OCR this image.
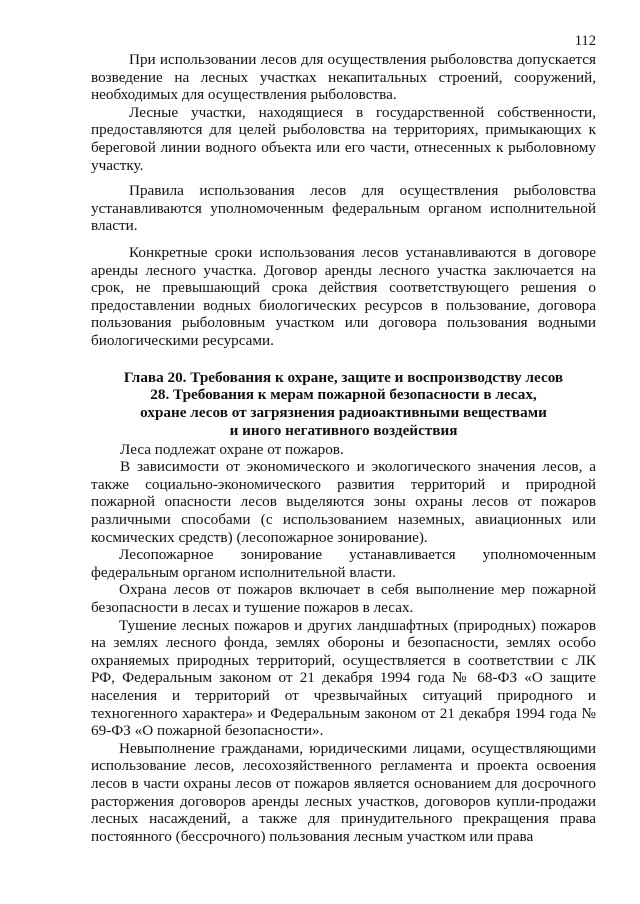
112

При использовании лесов для осуществления рыболовства допускается возведение на лесных участках некапитальных строений, сооружений, необходимых для осуществления рыболовства.

Лесные участки, находящиеся в государственной собственности, предоставляются для целей рыболовства на территориях, примыкающих к береговой линии водного объекта или его части, отнесенных к рыболовному участку.

Правила использования лесов для осуществления рыболовства устанавливаются уполномоченным федеральным органом исполнительной власти.

Конкретные сроки использования лесов устанавливаются в договоре аренды лесного участка. Договор аренды лесного участка заключается на срок, не превышающий срока действия соответствующего решения о предоставлении водных биологических ресурсов в пользование, договора пользования рыболовным участком или договора пользования водными биологическими ресурсами.

Глава 20. Требования к охране, защите и воспроизводству лесов
28. Требования к мерам пожарной безопасности в лесах,
охране лесов от загрязнения радиоактивными веществами
и иного негативного воздействия

Леса подлежат охране от пожаров.

В зависимости от экономического и экологического значения лесов, а также социально-экономического развития территорий и природной пожарной опасности лесов выделяются зоны охраны лесов от пожаров различными способами (с использованием наземных, авиационных или космических средств) (лесопожарное зонирование).

Лесопожарное зонирование устанавливается уполномоченным федеральным органом исполнительной власти.

Охрана лесов от пожаров включает в себя выполнение мер пожарной безопасности в лесах и тушение пожаров в лесах.

Тушение лесных пожаров и других ландшафтных (природных) пожаров на землях лесного фонда, землях обороны и безопасности, землях особо охраняемых природных территорий, осуществляется в соответствии с ЛК РФ, Федеральным законом от 21 декабря 1994 года № 68-ФЗ «О защите населения и территорий от чрезвычайных ситуаций природного и техногенного характера» и Федеральным законом от 21 декабря 1994 года № 69-ФЗ «О пожарной безопасности».

Невыполнение гражданами, юридическими лицами, осуществляющими использование лесов, лесохозяйственного регламента и проекта освоения лесов в части охраны лесов от пожаров является основанием для досрочного расторжения договоров аренды лесных участков, договоров купли-продажи лесных насаждений, а также для принудительного прекращения права постоянного (бессрочного) пользования лесным участком или права
